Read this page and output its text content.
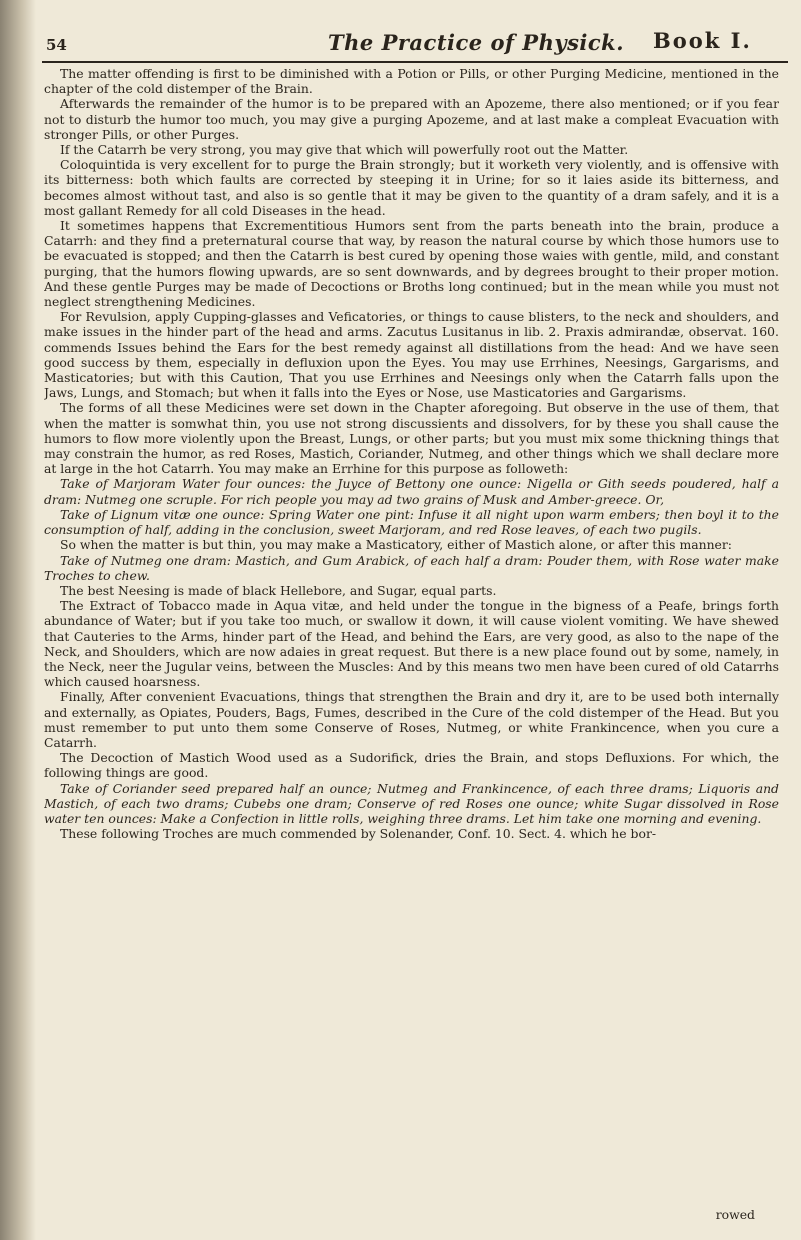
54	The Practice of Physick. Book I.

The matter offending is first to be diminished with a Potion or Pills, or other Purging Medicine, mentioned in the chapter of the cold distemper of the Brain.

Afterwards the remainder of the humor is to be prepared with an Apozeme, there also mentioned; or if you fear not to disturb the humor too much, you may give a purging Apozeme, and at last make a compleat Evacuation with stronger Pills, or other Purges.

If the Catarrh be very strong, you may give that which will powerfully root out the Matter.

Coloquintida is very excellent for to purge the Brain strongly; but it worketh very violently, and is offensive with its bitterness: both which faults are corrected by steeping it in Urine; for so it laies aside its bitterness, and becomes almost without tast, and also is so gentle that it may be given to the quantity of a dram safely, and it is a most gallant Remedy for all cold Diseases in the head.

It sometimes happens that Excrementitious Humors sent from the parts beneath into the brain, produce a Catarrh: and they find a preternatural course that way, by reason the natural course by which those humors use to be evacuated is stopped; and then the Catarrh is best cured by opening those waies with gentle, mild, and constant purging, that the humors flowing upwards, are so sent downwards, and by degrees brought to their proper motion. And these gentle Purges may be made of Decoctions or Broths long continued; but in the mean while you must not neglect strengthening Medicines.

For Revulsion, apply Cupping-glasses and Veficatories, or things to cause blisters, to the neck and shoulders, and make issues in the hinder part of the head and arms. Zacutus Lusitanus in lib. 2. Praxis admirandæ, observat. 160. commends Issues behind the Ears for the best remedy against all distillations from the head: And we have seen good success by them, especially in defluxion upon the Eyes. You may use Errhines, Neesings, Gargarisms, and Masticatories; but with this Caution, That you use Errhines and Neesings only when the Catarrh falls upon the Jaws, Lungs, and Stomach; but when it falls into the Eyes or Nose, use Masticatories and Gargarisms.

The forms of all these Medicines were set down in the Chapter aforegoing. But observe in the use of them, that when the matter is somwhat thin, you use not strong discussients and dissolvers, for by these you shall cause the humors to flow more violently upon the Breast, Lungs, or other parts; but you must mix some thickning things that may constrain the humor, as red Roses, Mastich, Coriander, Nutmeg, and other things which we shall declare more at large in the hot Catarrh. You may make an Errhine for this purpose as followeth:

Take of Marjoram Water four ounces: the Juyce of Bettony one ounce: Nigella or Gith seeds poudered, half a dram: Nutmeg one scruple. For rich people you may ad two grains of Musk and Amber-greece. Or,

Take of Lignum vitæ one ounce: Spring Water one pint: Infuse it all night upon warm embers; then boyl it to the consumption of half, adding in the conclusion, sweet Marjoram, and red Rose leaves, of each two pugils.

So when the matter is but thin, you may make a Masticatory, either of Mastich alone, or after this manner:

Take of Nutmeg one dram: Mastich, and Gum Arabick, of each half a dram: Pouder them, with Rose water make Troches to chew.

The best Neesing is made of black Hellebore, and Sugar, equal parts.

The Extract of Tobacco made in Aqua vitæ, and held under the tongue in the bigness of a Peafe, brings forth abundance of Water; but if you take too much, or swallow it down, it will cause violent vomiting. We have shewed that Cauteries to the Arms, hinder part of the Head, and behind the Ears, are very good, as also to the nape of the Neck, and Shoulders, which are now adaies in great request. But there is a new place found out by some, namely, in the Neck, neer the Jugular veins, between the Muscles: And by this means two men have been cured of old Catarrhs which caused hoarsness.

Finally, After convenient Evacuations, things that strengthen the Brain and dry it, are to be used both internally and externally, as Opiates, Pouders, Bags, Fumes, described in the Cure of the cold distemper of the Head. But you must remember to put unto them some Conserve of Roses, Nutmeg, or white Frankincence, when you cure a Catarrh.

The Decoction of Mastich Wood used as a Sudorifick, dries the Brain, and stops Defluxions. For which, the following things are good.

Take of Coriander seed prepared half an ounce; Nutmeg and Frankincence, of each three drams; Liquoris and Mastich, of each two drams; Cubebs one dram; Conserve of red Roses one ounce; white Sugar dissolved in Rose water ten ounces: Make a Confection in little rolls, weighing three drams. Let him take one morning and evening.

These following Troches are much commended by Solenander, Conf. 10. Sect. 4. which he bor-

rowed
